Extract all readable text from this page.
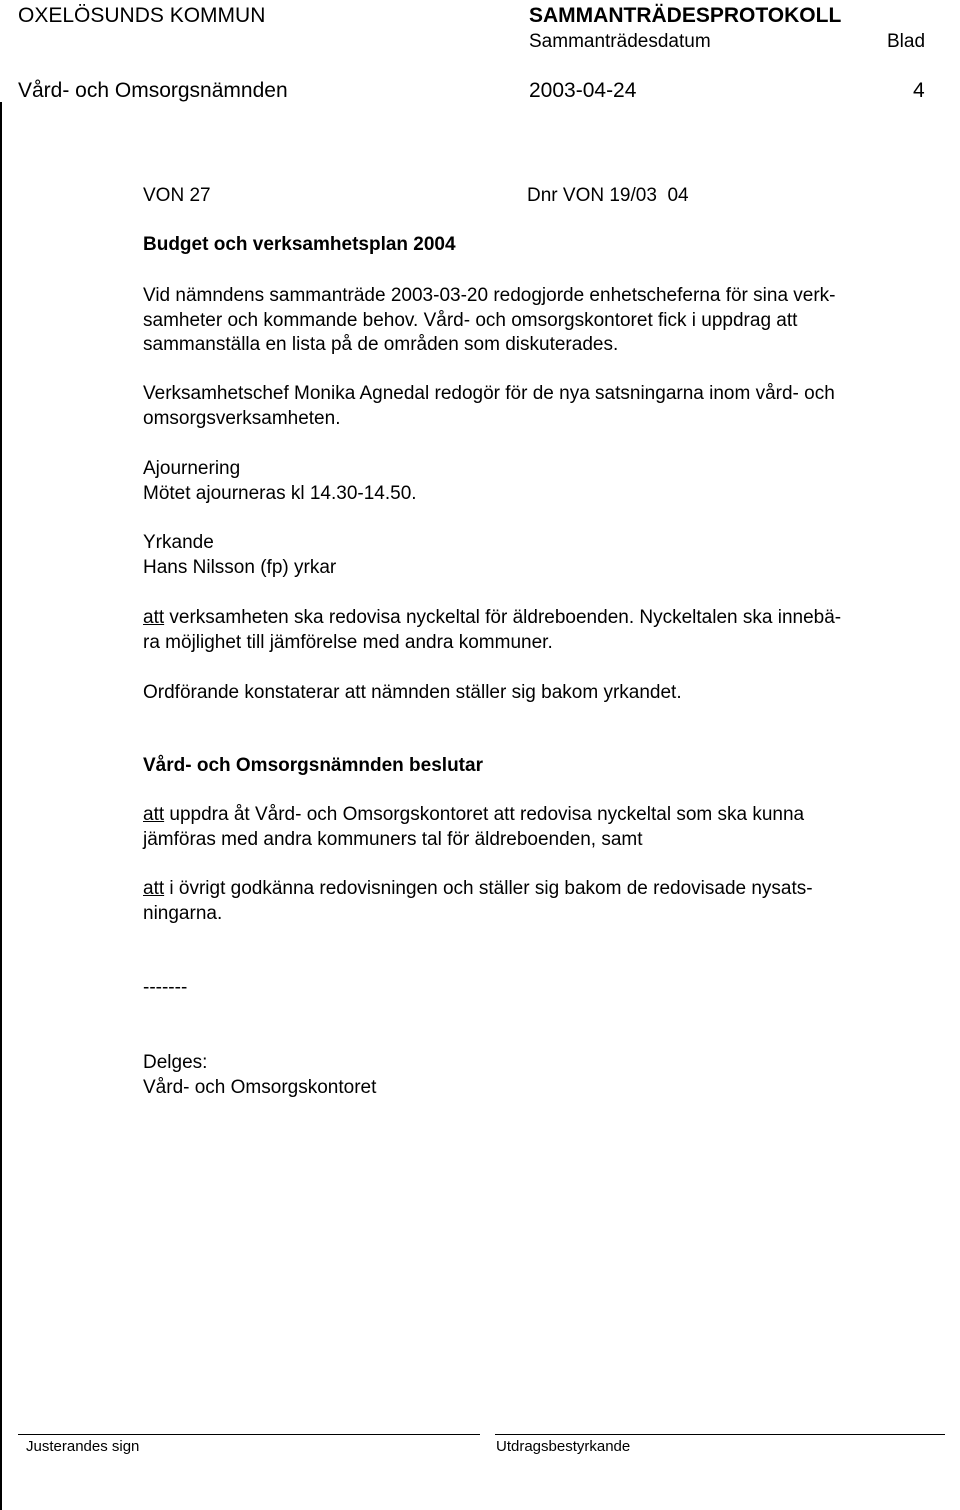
OXELÖSUNDS KOMMUN	SAMMANTRÄDESPROTOKOLL
Sammanträdesdatum	Blad
Vård- och Omsorgsnämnden	2003-04-24	4
VON 27	Dnr VON 19/03  04
Budget och verksamhetsplan 2004

Vid nämndens sammanträde 2003-03-20 redogjorde enhetscheferna för sina verk-

samheter och kommande behov. Vård- och omsorgskontoret fick i uppdrag att

sammanställa en lista på de områden som diskuterades.

Verksamhetschef Monika Agnedal redogör för de nya satsningarna inom vård- och

omsorgsverksamheten.

Ajournering
Mötet ajourneras kl 14.30-14.50.
Yrkande
Hans Nilsson (fp) yrkar

att verksamheten ska redovisa nyckeltal för äldreboenden. Nyckeltalen ska innebä-

ra möjlighet till jämförelse med andra kommuner.

Ordförande konstaterar att nämnden ställer sig bakom yrkandet.
Vård- och Omsorgsnämnden beslutar

att uppdra åt Vård- och Omsorgskontoret att redovisa nyckeltal som ska kunna

jämföras med andra kommuners tal för äldreboenden, samt

att i övrigt godkänna redovisningen och ställer sig bakom de redovisade nysats-

ningarna.

-------
Delges:
Vård- och Omsorgskontoret
Justerandes sign	Utdragsbestyrkande
